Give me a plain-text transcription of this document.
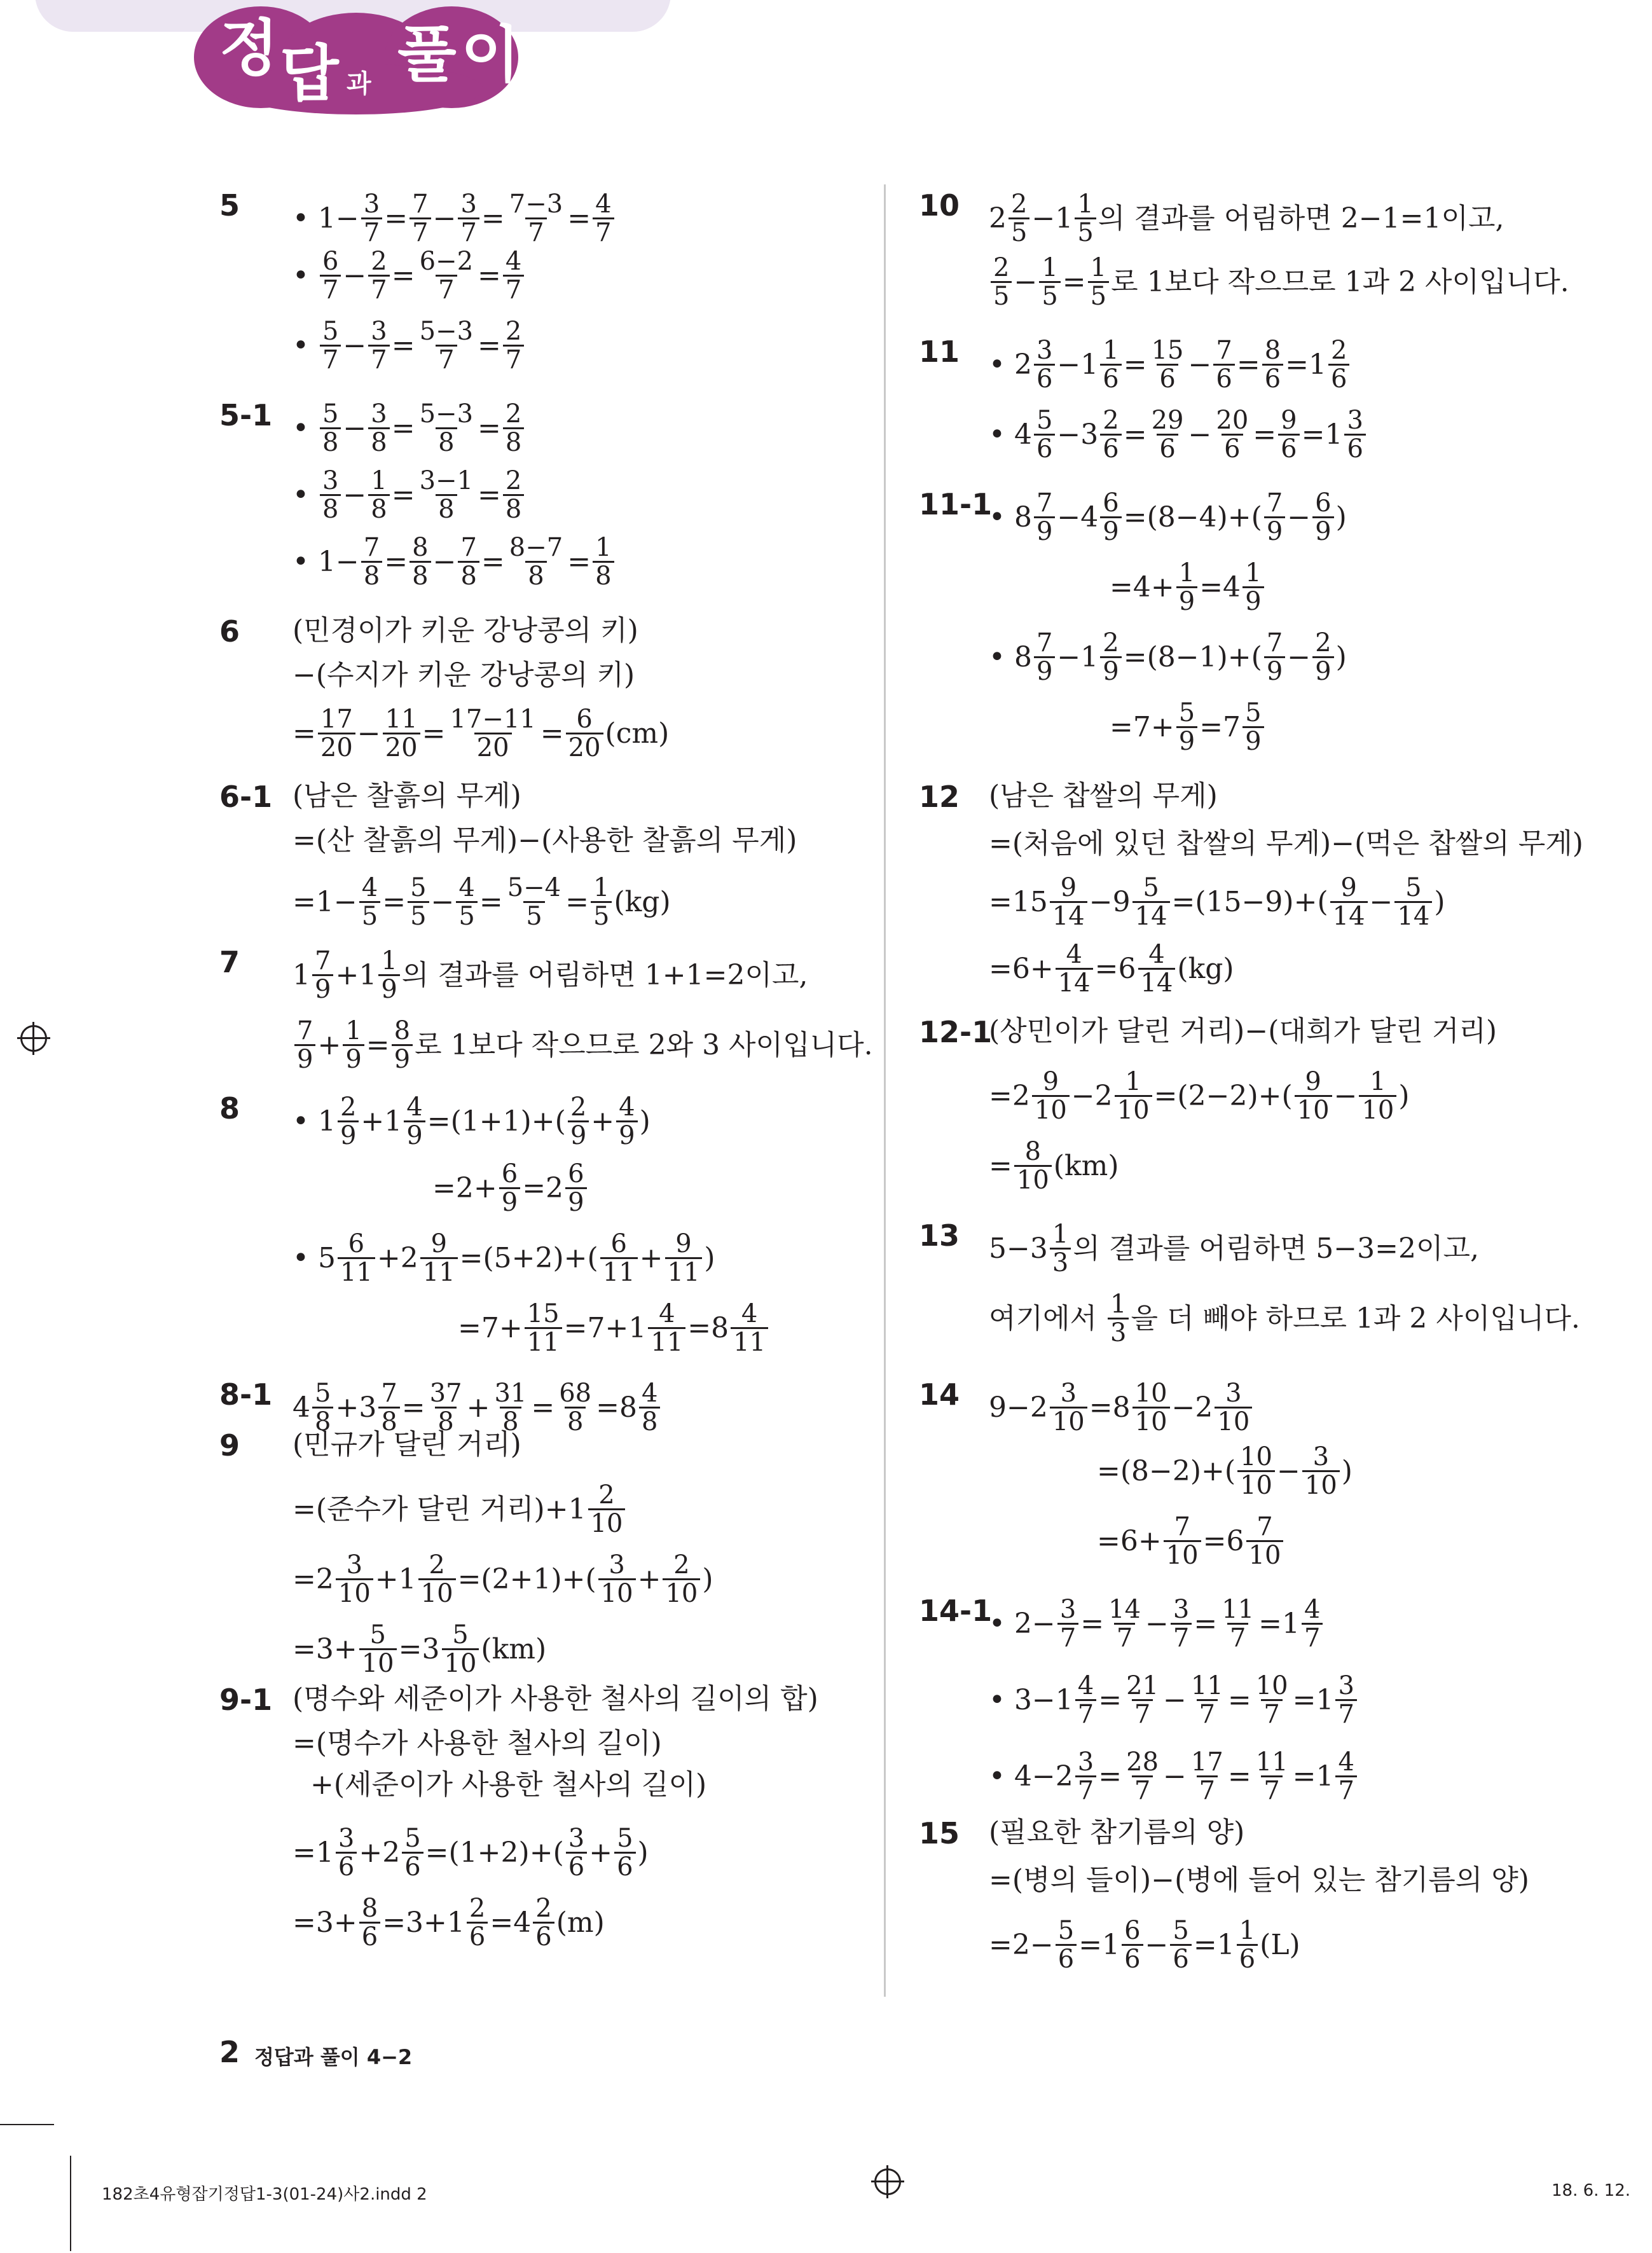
정 답 과 풀 이
5 • $1- \frac{3}{7} = \frac{7}{7} - \frac{3}{7} = \frac{7-3}{7} = \frac{4}{7}$
• $\frac{6}{7} - \frac{2}{7} = \frac{6-2}{7} = \frac{4}{7}$
• $\frac{5}{7} - \frac{3}{7} = \frac{5-3}{7} = \frac{2}{7}$
5-1 • $\frac{5}{8} - \frac{3}{8} = \frac{5-3}{8} = \frac{2}{8}$
• $\frac{3}{8} - \frac{1}{8} = \frac{3-1}{8} = \frac{2}{8}$
• $1- \frac{7}{8} = \frac{8}{8} - \frac{7}{8} = \frac{8-7}{8} = \frac{1}{8}$
6 (민경이가 키운 강낭콩의 키)
−(수지가 키운 강낭콩의 키)
= $\frac{17}{20} - \frac{11}{20} = \frac{17-11}{20} = \frac{6}{20} (cm)$
6-1 (남은 찰흙의 무게)
=(산 찰흙의 무게)−(사용한 찰흙의 무게)
$=1- \frac{4}{5} = \frac{5}{5} - \frac{4}{5} = \frac{5-4}{5} = \frac{1}{5} (kg)$
7 $1 \frac{7}{9} +1 \frac{1}{9}$ 의 결과를 어림하면 1+1=2이고,
$\frac{7}{9} + \frac{1}{9} = \frac{8}{9}$ 로 1보다 작으므로 2와 3 사이입니다.
8 • $1 \frac{2}{9} +1 \frac{4}{9} =(1+1)+( \frac{2}{9} + \frac{4}{9}$ )
$=2+ \frac{6}{9} =2 \frac{6}{9}$
• $5 \frac{6}{11} +2 \frac{9}{11} =(5+2)+( \frac{6}{11} + \frac{9}{11}$ )
$=7+ \frac{15}{11} =7+1 \frac{4}{11} =8 \frac{4}{11}$
8-1 $4 \frac{5}{8} +3 \frac{7}{8} = \frac{37}{8} + \frac{31}{8} = \frac{68}{8} =8 \frac{4}{8}$
9 (민규가 달린 거리)
=(준수가 달린 거리)$+1 \frac{2}{10}$
$=2 \frac{3}{10} +1 \frac{2}{10} =(2+1)+( \frac{3}{10} + \frac{2}{10}$ )
$=3+ \frac{5}{10} =3 \frac{5}{10} (km)$
9-1 (명수와 세준이가 사용한 철사의 길이의 합)
=(명수가 사용한 철사의 길이)
+(세준이가 사용한 철사의 길이)
$=1 \frac{3}{6} +2 \frac{5}{6} =(1+2)+( \frac{3}{6} + \frac{5}{6}$ )
$=3+ \frac{8}{6} =3+1 \frac{2}{6} =4 \frac{2}{6} (m)$
10 $2 \frac{2}{5} -1 \frac{1}{5}$ 의 결과를 어림하면 2−1=1이고,
$\frac{2}{5} - \frac{1}{5} = \frac{1}{5}$ 로 1보다 작으므로 1과 2 사이입니다.
11 • $2 \frac{3}{6} -1 \frac{1}{6} = \frac{15}{6} - \frac{7}{6} = \frac{8}{6} =1 \frac{2}{6}$
• $4 \frac{5}{6} -3 \frac{2}{6} = \frac{29}{6} - \frac{20}{6} = \frac{9}{6} =1 \frac{3}{6}$
11-1
• $8 \frac{7}{9} -4 \frac{6}{9} =(8-4)+( \frac{7}{9} - \frac{6}{9}$ )
$=4+ \frac{1}{9} =4 \frac{1}{9}$
• $8 \frac{7}{9} -1 \frac{2}{9} =(8-1)+( \frac{7}{9} - \frac{2}{9}$ )
$=7+ \frac{5}{9} =7 \frac{5}{9}$
12 (남은 찹쌀의 무게)
=(처음에 있던 찹쌀의 무게)−(먹은 찹쌀의 무게)
$=15 \frac{9}{14} -9 \frac{5}{14} =(15-9)+( \frac{9}{14} - \frac{5}{14}$ )
$=6+ \frac{4}{14} =6 \frac{4}{14} (kg)$
12-1
(상민이가 달린 거리)−(대희가 달린 거리)
$=2 \frac{9}{10} -2 \frac{1}{10} =(2-2)+( \frac{9}{10} - \frac{1}{10}$ )
= $\frac{8}{10} (km)$
13 $5-3 \frac{1}{3}$ 의 결과를 어림하면 5−3=2이고,
여기에서 $\frac{1}{3}$ 을 더 빼야 하므로 1과 2 사이입니다.
14 $9-2 \frac{3}{10} =8 \frac{10}{10} -2 \frac{3}{10}$
$=(8-2)+( \frac{10}{10} - \frac{3}{10}$ )
$=6+ \frac{7}{10} =6 \frac{7}{10}$
14-1
• $2- \frac{3}{7} = \frac{14}{7} - \frac{3}{7} = \frac{11}{7} =1 \frac{4}{7}$
• $3-1 \frac{4}{7} = \frac{21}{7} - \frac{11}{7} = \frac{10}{7} =1 \frac{3}{7}$
• $4-2 \frac{3}{7} = \frac{28}{7} - \frac{17}{7} = \frac{11}{7} =1 \frac{4}{7}$
15 (필요한 참기름의 양)
=(병의 들이)−(병에 들어 있는 참기름의 양)
$=2- \frac{5}{6} =1 \frac{6}{6} - \frac{5}{6} =1 \frac{1}{6} (L)$
2 정답과 풀이 4−2
182초4유형잡기정답1-3(01-24)사2.indd 2	18. 6. 12.
